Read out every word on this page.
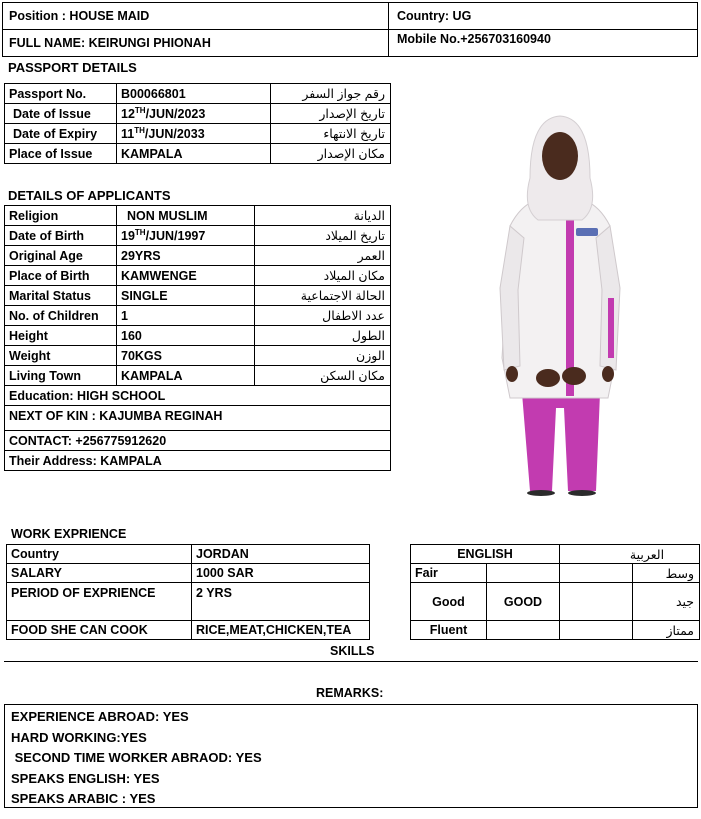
Position : HOUSE MAID	Country: UG
FULL NAME: KEIRUNGI PHIONAH	Mobile No.+256703160940
PASSPORT DETAILS
Passport No.	B00066801	رقم جواز السفر
Date of Issue	12TH/JUN/2023	تاريخ الإصدار
Date of Expiry	11TH/JUN/2033	تاريخ الانتهاء
Place of Issue	KAMPALA	مكان الإصدار
DETAILS OF APPLICANTS
Religion	NON MUSLIM	الديانة
Date of Birth	19TH/JUN/1997	تاريخ الميلاد
Original Age	29YRS	العمر
Place of Birth	KAMWENGE	مكان الميلاد
Marital Status	SINGLE	الحالة الاجتماعية
No. of Children	1	عدد الاطفال
Height	160	الطول
Weight	70KGS	الوزن
Living Town	KAMPALA	مكان السكن
Education: HIGH SCHOOL		
NEXT OF KIN : KAJUMBA REGINAH		
CONTACT: +256775912620		
Their Address: KAMPALA		
WORK EXPRIENCE
Country	JORDAN
SALARY	1000 SAR
PERIOD OF EXPRIENCE	2 YRS
FOOD SHE CAN COOK	RICE,MEAT,CHICKEN,TEA
ENGLISH		العربية	
Fair			وسط
Good	GOOD		جيد
Fluent			ممتاز
SKILLS
REMARKS:
EXPERIENCE ABROAD: YES
HARD WORKING:YES
SECOND TIME WORKER ABRAOD: YES
SPEAKS ENGLISH: YES
SPEAKS ARABIC : YES
